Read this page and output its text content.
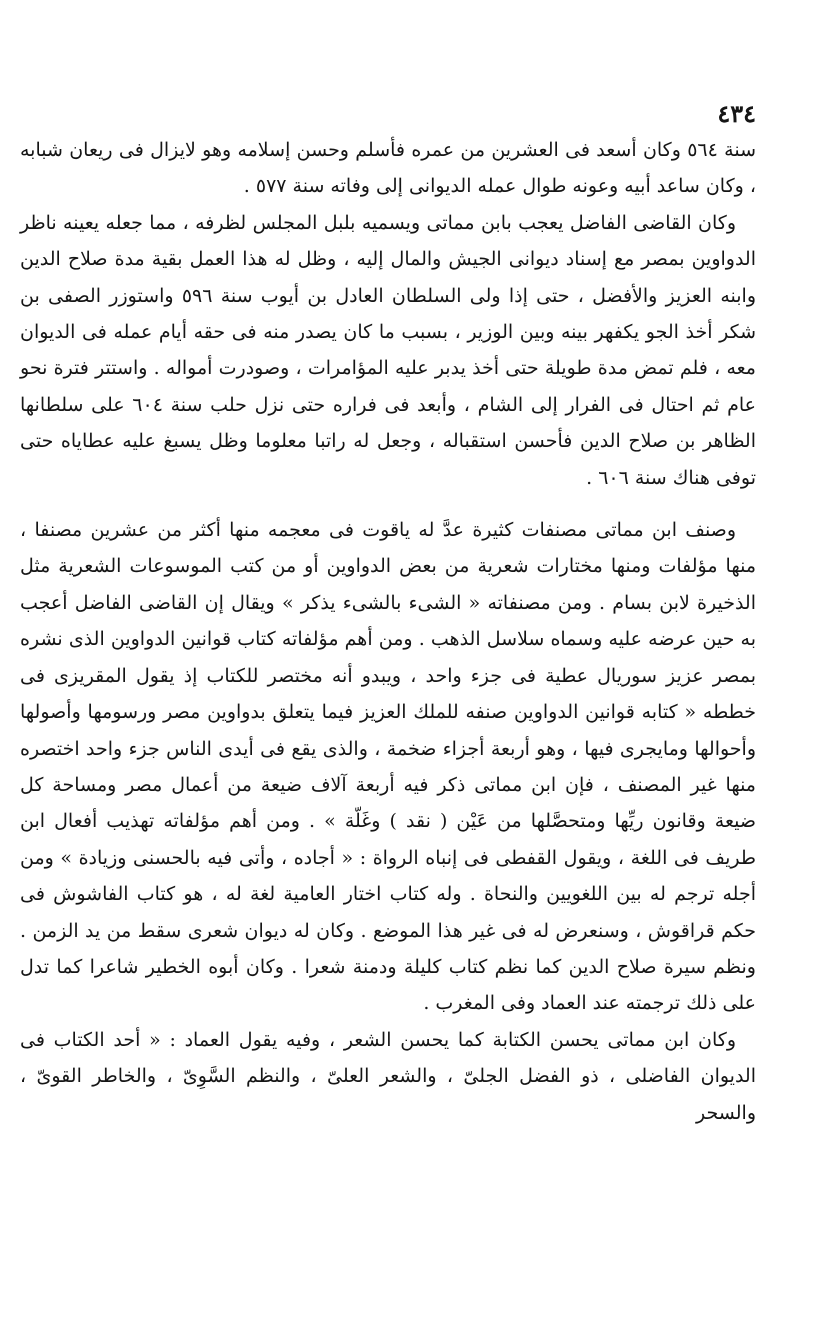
٤٣٤

سنة ٥٦٤ وكان أسعد فى العشرين من عمره فأسلم وحسن إسلامه وهو لايزال فى ريعان شبابه ، وكان ساعد أبيه وعونه طوال عمله الديوانى إلى وفاته سنة ٥٧٧ .

وكان القاضى الفاضل يعجب بابن مماتى ويسميه بلبل المجلس لظرفه ، مما جعله يعينه ناظر الدواوين بمصر مع إسناد ديوانى الجيش والمال إليه ، وظل له هذا العمل بقية مدة صلاح الدين وابنه العزيز والأفضل ، حتى إذا ولى السلطان العادل بن أيوب سنة ٥٩٦ واستوزر الصفى بن شكر أخذ الجو يكفهر بينه وبين الوزير ، بسبب ما كان يصدر منه فى حقه أيام عمله فى الديوان معه ، فلم تمض مدة طويلة حتى أخذ يدبر عليه المؤامرات ، وصودرت أمواله . واستتر فترة نحو عام ثم احتال فى الفرار إلى الشام ، وأبعد فى فراره حتى نزل حلب سنة ٦٠٤ على سلطانها الظاهر بن صلاح الدين فأحسن استقباله ، وجعل له راتبا معلوما وظل يسبغ عليه عطاياه حتى توفى هناك سنة ٦٠٦ .

وصنف ابن مماتى مصنفات كثيرة عدَّ له ياقوت فى معجمه منها أكثر من عشرين مصنفا ، منها مؤلفات ومنها مختارات شعرية من بعض الدواوين أو من كتب الموسوعات الشعرية مثل الذخيرة لابن بسام . ومن مصنفاته « الشىء بالشىء يذكر » ويقال إن القاضى الفاضل أعجب به حين عرضه عليه وسماه سلاسل الذهب . ومن أهم مؤلفاته كتاب قوانين الدواوين الذى نشره بمصر عزيز سوريال عطية فى جزء واحد ، ويبدو أنه مختصر للكتاب إذ يقول المقريزى فى خططه « كتابه قوانين الدواوين صنفه للملك العزيز فيما يتعلق بدواوين مصر ورسومها وأصولها وأحوالها ومايجرى فيها ، وهو أربعة أجزاء ضخمة ، والذى يقع فى أيدى الناس جزء واحد اختصره منها غير المصنف ، فإن ابن مماتى ذكر فيه أربعة آلاف ضيعة من أعمال مصر ومساحة كل ضيعة وقانون ريِّها ومتحصَّلها من عَيْن ( نقد ) وغَلّة » . ومن أهم مؤلفاته تهذيب أفعال ابن طريف فى اللغة ، ويقول القفطى فى إنباه الرواة : « أجاده ، وأتى فيه بالحسنى وزيادة » ومن أجله ترجم له بين اللغويين والنحاة . وله كتاب اختار العامية لغة له ، هو كتاب الفاشوش فى حكم قراقوش ، وسنعرض له فى غير هذا الموضع . وكان له ديوان شعرى سقط من يد الزمن . ونظم سيرة صلاح الدين كما نظم كتاب كليلة ودمنة شعرا . وكان أبوه الخطير شاعرا كما تدل على ذلك ترجمته عند العماد وفى المغرب .

وكان ابن مماتى يحسن الكتابة كما يحسن الشعر ، وفيه يقول العماد : « أحد الكتاب فى الديوان الفاضلى ، ذو الفضل الجلىّ ، والشعر العلىّ ، والنظم السَّوِىّ ، والخاطر القوىّ ، والسحر
